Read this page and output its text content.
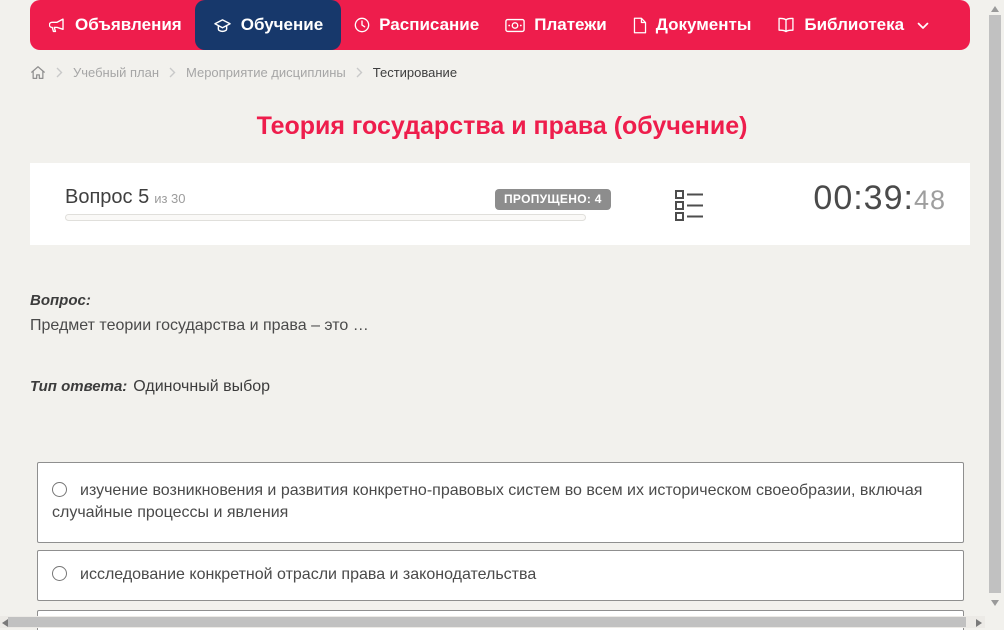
Объявления	Обучение	Расписание	Платежи	Документы	Библиотека
Учебный план Мероприятие дисциплины Тестирование
Теория государства и права (обучение)
Вопрос 5 из 30	ПРОПУЩЕНО: 4	00:39:48

Вопрос:

Предмет теории государства и права – это …

Тип ответа: Одиночный выбор

изучение возникновения и развития конкретно-правовых систем во всем их историческом своеобразии, включая случайные процессы и явления
исследование конкретной отрасли права и законодательства
